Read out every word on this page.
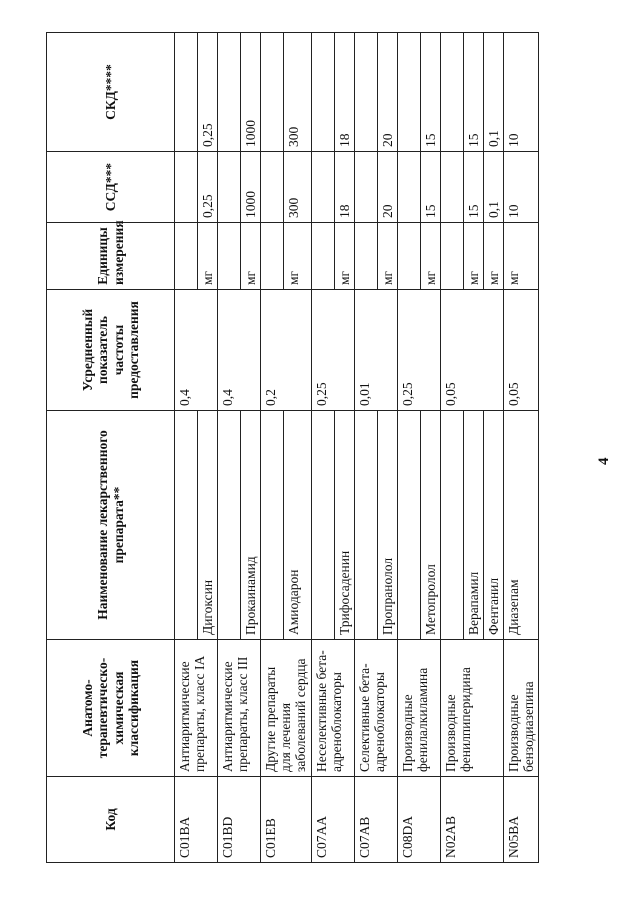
Код	Анатомо-терапевтическо-химическая классификация	Наименование лекарственного препарата**	Усредненный показатель частоты предоставления	Единицы измерения	ССД***	СКД****
C01BA	Антиаритмические препараты, класс IA		0,4			
		Дигоксин		мг	0,25	0,25
C01BD	Антиаритмические препараты, класс III		0,4			
		Прокаинамид		мг	1000	1000
C01EB	Другие препараты для лечения заболеваний сердца		0,2			
		Амиодарон		мг	300	300
C07AA	Неселективные бета-адреноблокаторы		0,25			
		Трифосаденин		мг	18	18
C07AB	Селективные бета-адреноблокаторы		0,01			
		Пропранолол		мг	20	20
C08DA	Производные фенилалкиламина		0,25			
		Метопролол		мг	15	15
N02AB	Производные фенилпиперидина		0,05			
		Верапамил		мг	15	15
		Фентанил		мг	0,1	0,1
N05BA	Производные бензодиазепина	Диазепам	0,05	мг	10	10
4
